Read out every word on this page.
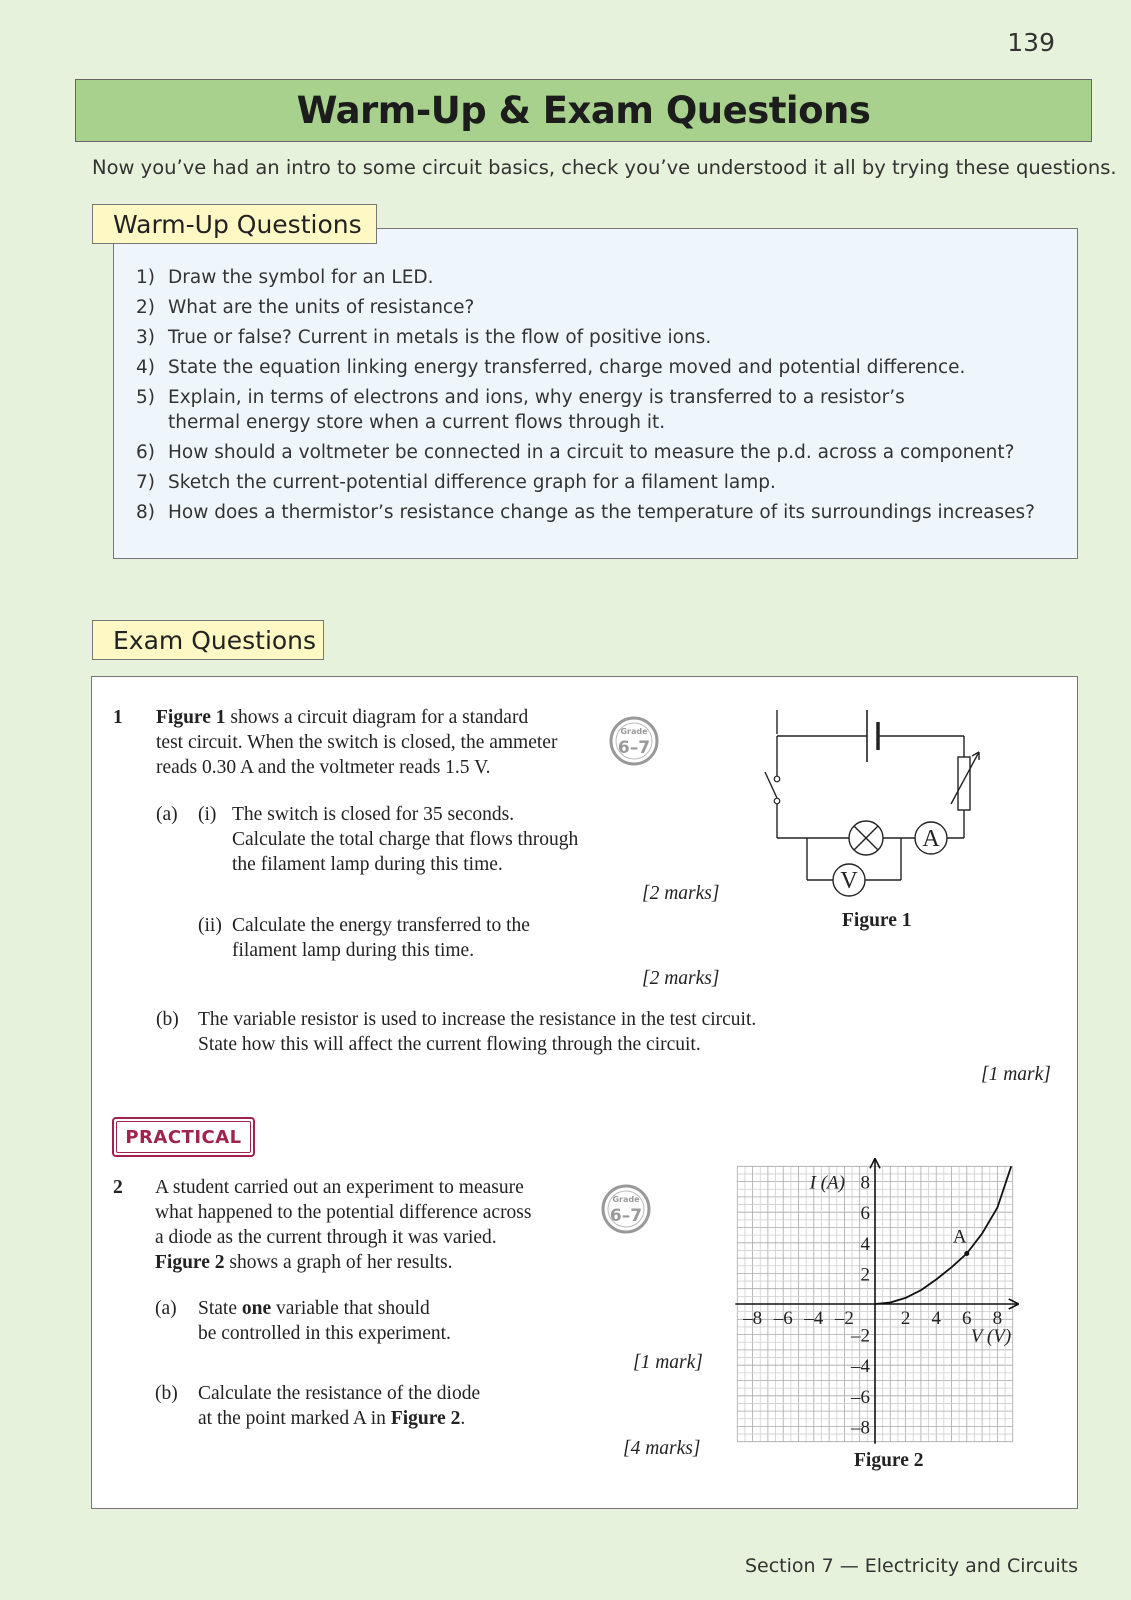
139
Warm-Up & Exam Questions
Now you’ve had an intro to some circuit basics, check you’ve understood it all by trying these questions.
1) Draw the symbol for an LED.
2) What are the units of resistance?
3) True or false? Current in metals is the flow of positive ions.
4) State the equation linking energy transferred, charge moved and potential difference.
5) Explain, in terms of electrons and ions, why energy is transferred to a resistor’s
thermal energy store when a current flows through it.
6) How should a voltmeter be connected in a circuit to measure the p.d. across a component?
7) Sketch the current-potential difference graph for a filament lamp.
8) How does a thermistor’s resistance change as the temperature of its surroundings increases?
Warm-Up Questions
Exam Questions
1 Figure 1 shows a circuit diagram for a standard
test circuit. When the switch is closed, the ammeter
reads 0.30 A and the voltmeter reads 1.5 V.
Grade
6–7
(a) (i) The switch is closed for 35 seconds.
Calculate the total charge that flows through
the filament lamp during this time.
[2 marks]
(ii) Calculate the energy transferred to the
filament lamp during this time.
[2 marks]
(b) The variable resistor is used to increase the resistance in the test circuit.
State how this will affect the current flowing through the circuit.
[1 mark]
A
V
Figure 1
PRACTICAL
2 A student carried out an experiment to measure
what happened to the potential difference across
a diode as the current through it was varied.
Figure 2 shows a graph of her results.
Grade
6–7
(a) State one variable that should
be controlled in this experiment.
[1 mark]
(b) Calculate the resistance of the diode
at the point marked A in Figure 2.
[4 marks]
–8 –6 –4 –2 2 4 6 8
8
6
4
2
–2
–4
–6
–8
I (A)
V (V)
A
Figure 2
Section 7 — Electricity and Circuits
